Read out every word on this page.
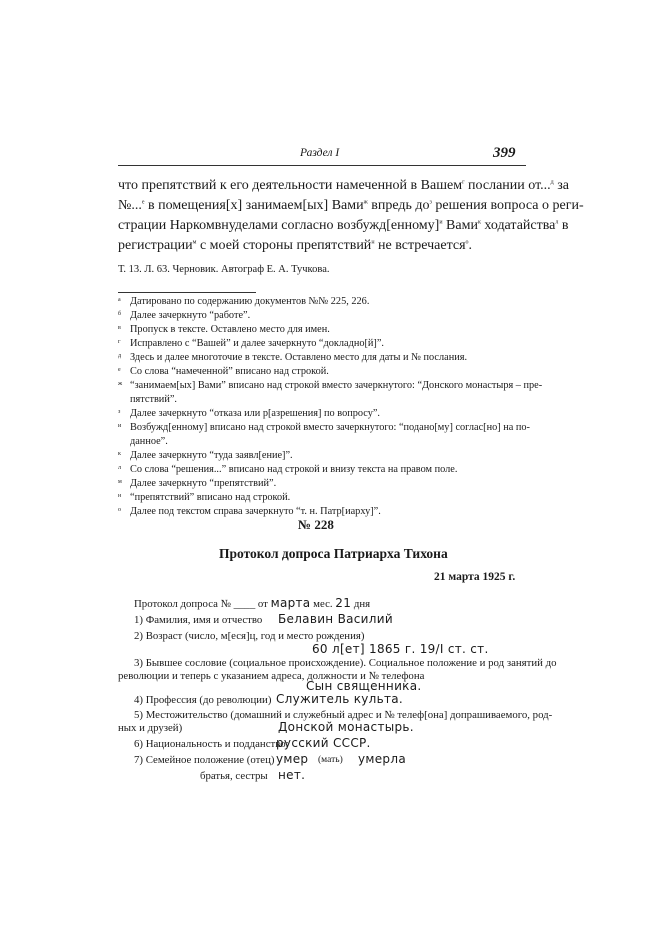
Раздел I	399
что препятствий к его деятельности намеченной в Вашем$^г$ послании от...$^д$ за
№...$^е$ в помещения[х] занимаем[ых] Вами$^ж$ впредь $до^з$ решения вопроса о реги-
страции Наркомвнуделами согласно возбужд[енному]$^и$ Вами$^к$ ходатайства$^л$ в
регистрации$^м$ с моей стороны препятствий$^н$ не встречается$^о$.
Т. 13. Л. 63. Черновик. Автограф Е. А. Тучкова.
а Датировано по содержанию документов №№ 225, 226.
б Далее зачеркнуто “работе”.
в Пропуск в тексте. Оставлено место для имен.
г Исправлено с “Вашей” и далее зачеркнуто “докладно[й]”.
д Здесь и далее многоточие в тексте. Оставлено место для даты и № послания.
е Со слова “намеченной” вписано над строкой.
ж “занимаем[ых] Вами” вписано над строкой вместо зачеркнутого: “Донского монастыря – пре-
пятствий”.
з Далее зачеркнуто “отказа или р[азрешения] по вопросу”.
и Возбужд[енному] вписано над строкой вместо зачеркнутого: “подано[му] соглас[но] на по-
данное”.
к Далее зачеркнуто “туда заявл[ение]”.
л Со слова “решения...” вписано над строкой и внизу текста на правом поле.
м Далее зачеркнуто “препятствий”.
н “препятствий” вписано над строкой.
о Далее под текстом справа зачеркнуто “т. н. Патр[иарху]”.
№ 228
Протокол допроса Патриарха Тихона
21 марта 1925 г.
Протокол допроса № ____ от марта мес. 21 дня
1) Фамилия, имя и отчество Белавин Василий
2) Возраст (число, м[еся]ц, год и место рождения)
60 л[ет] 1865 г. 19/I ст. ст.
3) Бывшее сословие (социальное происхождение). Социальное положение и род занятий до
революции и теперь с указанием адреса, должности и № телефона
Сын священника.
4) Профессия (до революции) Служитель культа.
5) Местожительство (домашний и служебный адрес и № телеф[она] допрашиваемого, род-
ных и друзей)	Донской монастырь.
6) Национальность и подданство:
русский СССР.
7) Семейное положение (отец) умер (мать) умерла
братья, сестры нет.
